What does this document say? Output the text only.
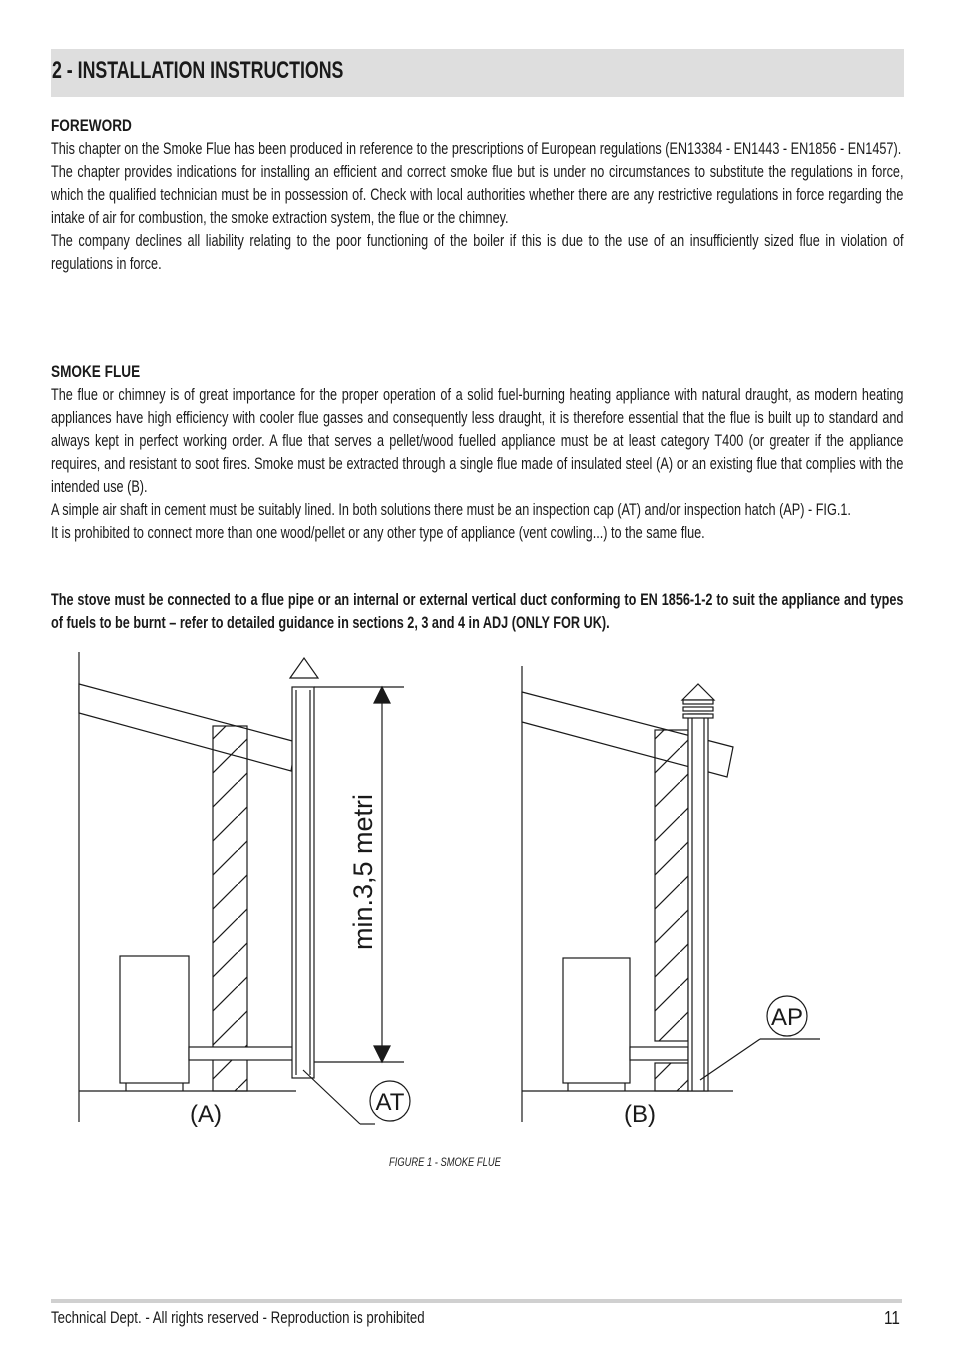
2 - INSTALLATION INSTRUCTIONS
FOREWORD

This chapter on the Smoke Flue has been produced in reference to the prescriptions of European regulations (EN13384 - EN1443 - EN1856 - EN1457).

The chapter provides indications for installing an efficient and correct smoke flue but is under no circumstances to substitute the regulations in force, which the qualified technician must be in possession of. Check with local authorities whether there are any restrictive regulations in force regarding the intake of air for combustion, the smoke extraction system, the flue or the chimney.

The company declines all liability relating to the poor functioning of the boiler if this is due to the use of an insufficiently sized flue in violation of regulations in force.

SMOKE FLUE

The flue or chimney is of great importance for the proper operation of a solid fuel-burning heating appliance with natural draught, as modern heating appliances have high efficiency with cooler flue gasses and consequently less draught, it is therefore essential that the flue is built up to standard and always kept in perfect working order. A flue that serves a pellet/wood fuelled appliance must be at least category T400 (or greater if the appliance requires, and resistant to soot fires. Smoke must be extracted through a single flue made of insulated steel (A) or an existing flue that complies with the intended use (B).

A simple air shaft in cement must be suitably lined. In both solutions there must be an inspection cap (AT) and/or inspection hatch (AP) - FIG.1.

It is prohibited to connect more than one wood/pellet or any other type of appliance (vent cowling...) to the same flue.

The stove must be connected to a flue pipe or an internal or external vertical duct conforming to EN 1856-1-2 to suit the appliance and types of fuels to be burnt – refer to detailed guidance in sections 2, 3 and 4 in ADJ (ONLY FOR UK).
min.3,5 metri
AT
(A)
AP
(B)
FIGURE 1 - SMOKE FLUE
Technical Dept. - All rights reserved - Reproduction is prohibited	11
